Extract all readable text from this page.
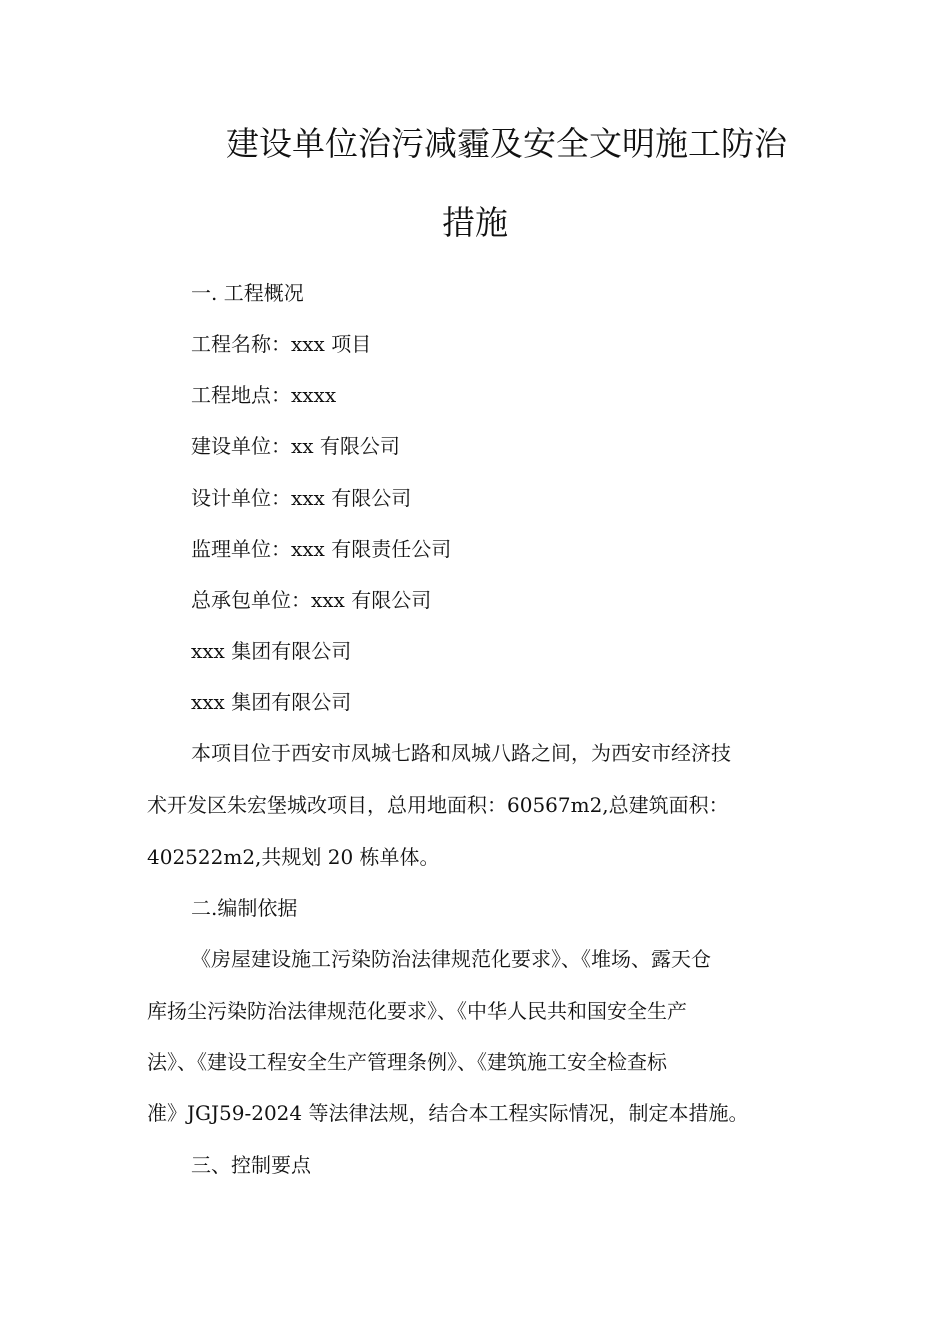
建设单位治污减霾及安全文明施工防治
措施
一. 工程概况
工程名称：xxx 项目
工程地点：xxxx
建设单位：xx 有限公司
设计单位：xxx 有限公司
监理单位：xxx 有限责任公司
总承包单位：xxx 有限公司
xxx 集团有限公司
xxx 集团有限公司
本项目位于西安市凤城七路和凤城八路之间，为西安市经济技
术开发区朱宏堡城改项目，总用地面积：60567m2,总建筑面积：
402522m2,共规划 20 栋单体。
二.编制依据
《房屋建设施工污染防治法律规范化要求》、《堆场、露天仓
库扬尘污染防治法律规范化要求》、《中华人民共和国安全生产
法》、《建设工程安全生产管理条例》、《建筑施工安全检查标
准》JGJ59-2024 等法律法规，结合本工程实际情况，制定本措施。
三、控制要点
